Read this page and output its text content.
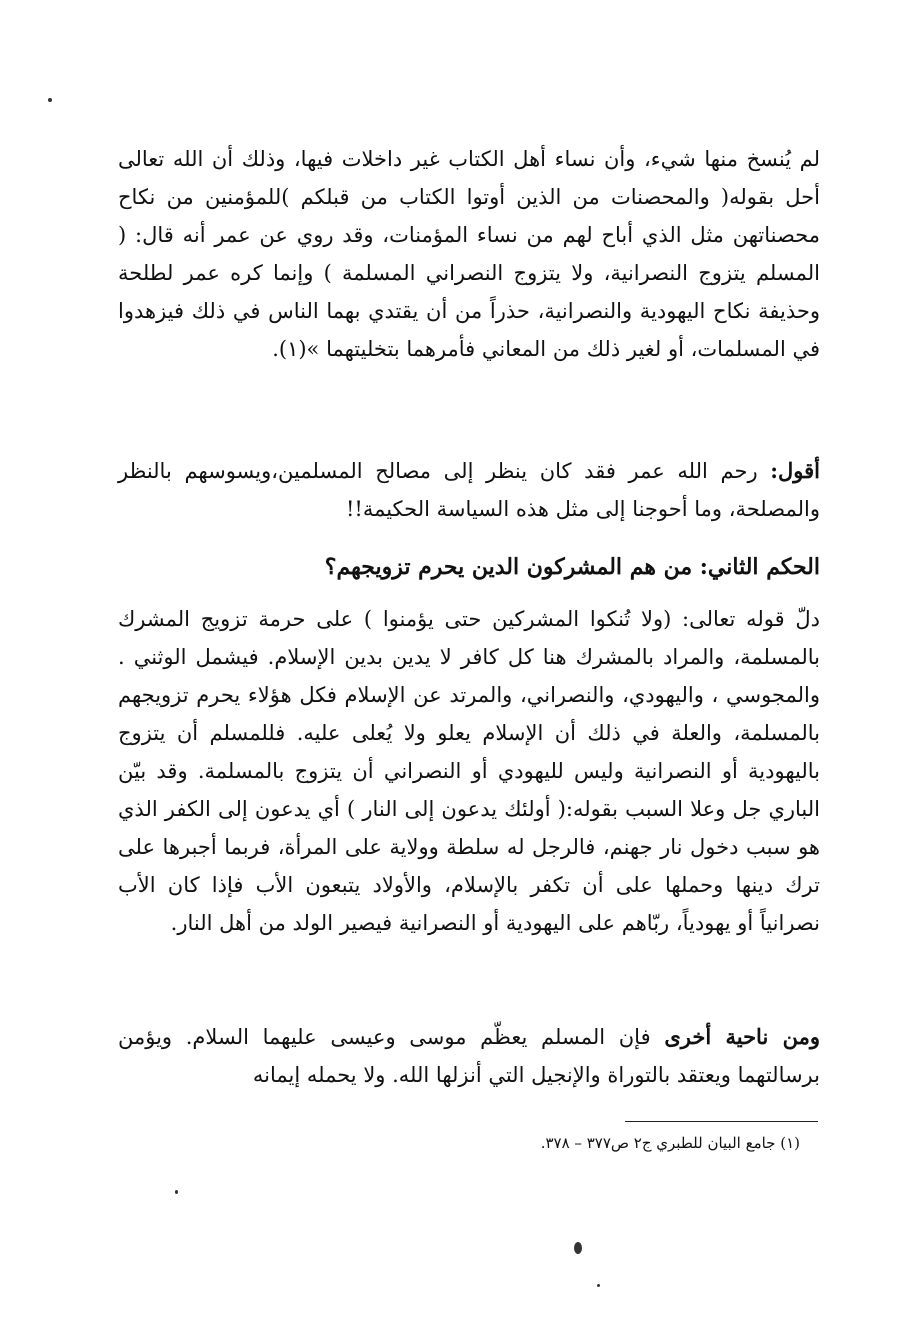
لم يُنسخ منها شيء، وأن نساء أهل الكتاب غير داخلات فيها، وذلك أن الله تعالى أحل بقوله( والمحصنات من الذين أوتوا الكتاب من قبلكم )للمؤمنين من نكاح محصناتهن مثل الذي أباح لهم من نساء المؤمنات، وقد روي عن عمر أنه قال: ( المسلم يتزوج النصرانية، ولا يتزوج النصراني المسلمة ) وإنما كره عمر لطلحة وحذيفة نكاح اليهودية والنصرانية، حذراً من أن يقتدي بهما الناس في ذلك فيزهدوا في المسلمات، أو لغير ذلك من المعاني فأمرهما بتخليتهما »(١).

أقول: رحم الله عمر فقد كان ينظر إلى مصالح المسلمين،ويسوسهم بالنظر والمصلحة، وما أحوجنا إلى مثل هذه السياسة الحكيمة!!

الحكم الثاني: من هم المشركون الدين يحرم تزويجهم؟

دلّ قوله تعالى: (ولا تُنكوا المشركين حتى يؤمنوا ) على حرمة تزويج المشرك بالمسلمة، والمراد بالمشرك هنا كل كافر لا يدين بدين الإسلام. فيشمل الوثني . والمجوسي ، واليهودي، والنصراني، والمرتد عن الإسلام فكل هؤلاء يحرم تزويجهم بالمسلمة، والعلة في ذلك أن الإسلام يعلو ولا يُعلى عليه. فللمسلم أن يتزوج باليهودية أو النصرانية وليس لليهودي أو النصراني أن يتزوج بالمسلمة. وقد بيّن الباري جل وعلا السبب بقوله:( أولئك يدعون إلى النار ) أي يدعون إلى الكفر الذي هو سبب دخول نار جهنم، فالرجل له سلطة وولاية على المرأة، فربما أجبرها على ترك دينها وحملها على أن تكفر بالإسلام، والأولاد يتبعون الأب فإذا كان الأب نصرانياً أو يهودياً، ربّاهم على اليهودية أو النصرانية فيصير الولد من أهل النار.

ومن ناحية أخرى فإن المسلم يعظّم موسى وعيسى عليهما السلام. ويؤمن برسالتهما ويعتقد بالتوراة والإنجيل التي أنزلها الله. ولا يحمله إيمانه

(١) جامع البيان للطبري ج٢ ص٣٧٧ – ٣٧٨.
